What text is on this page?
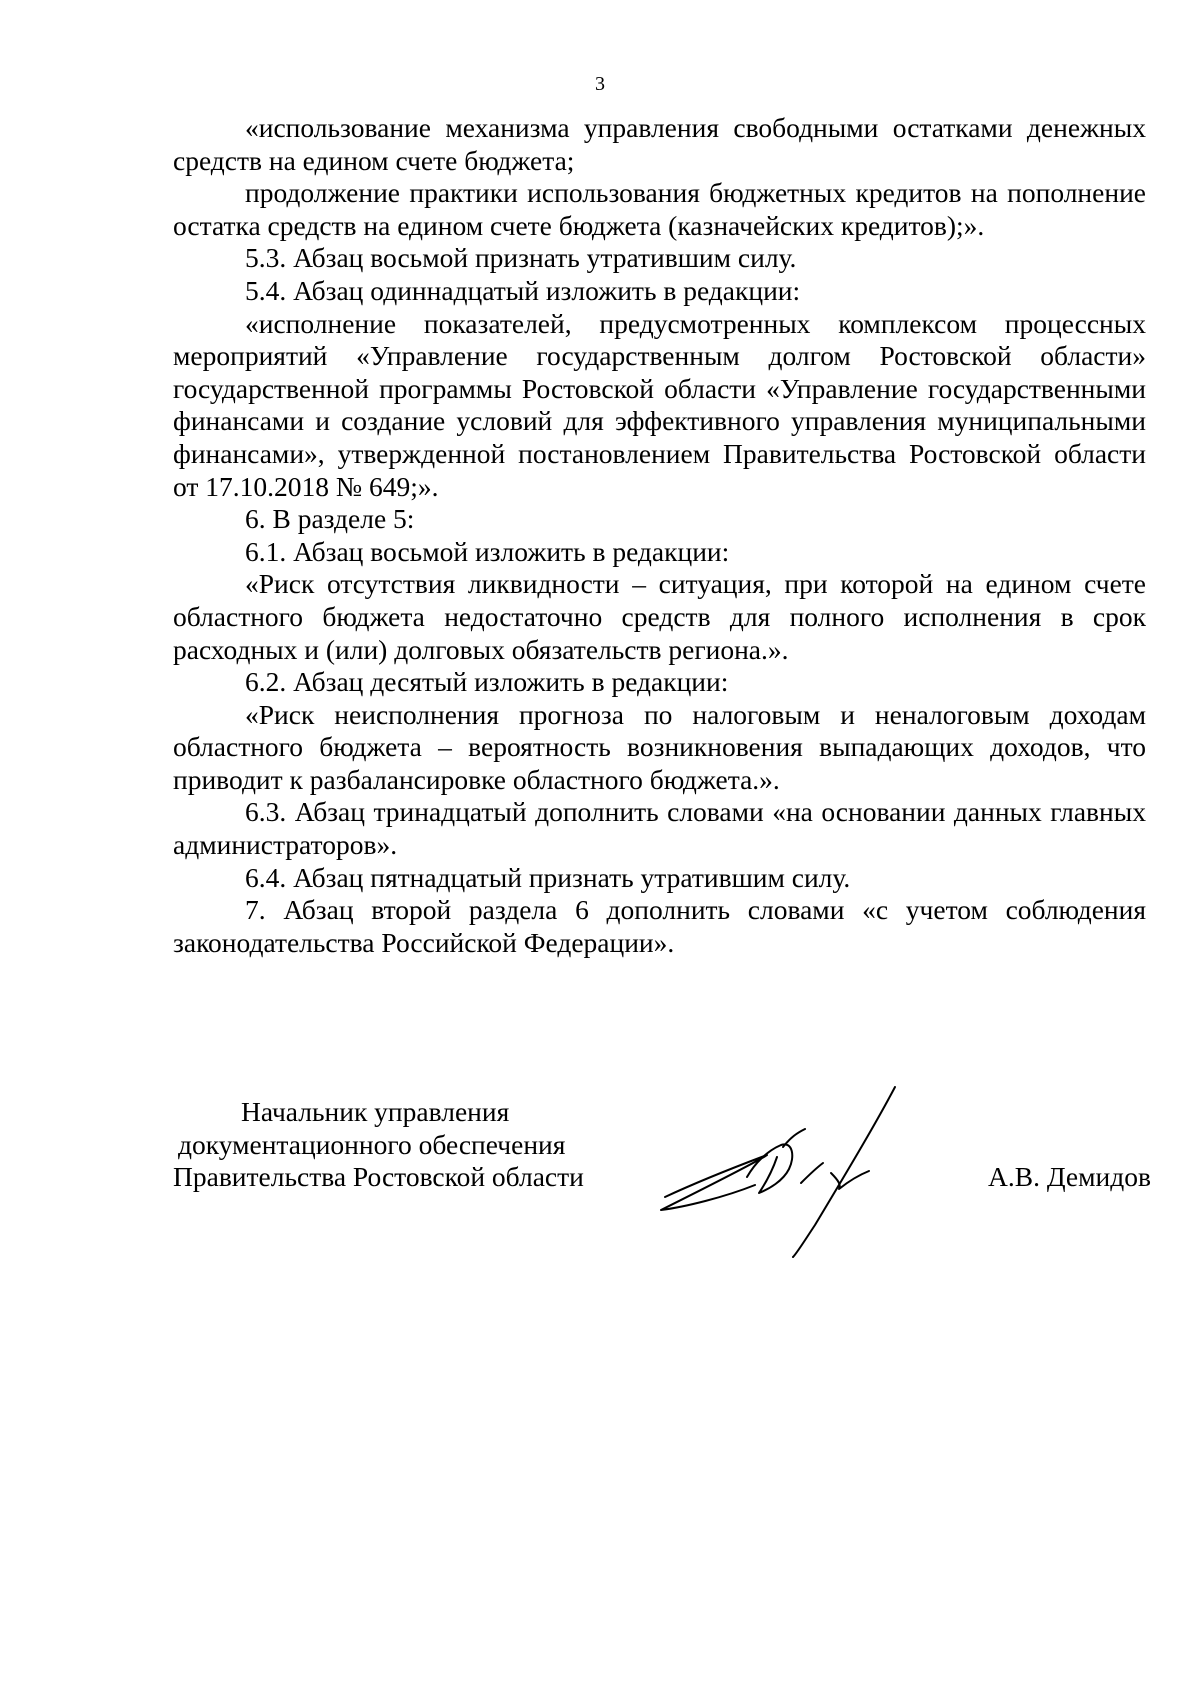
3

«использование механизма управления свободными остатками денежных средств на едином счете бюджета;

продолжение практики использования бюджетных кредитов на пополнение остатка средств на едином счете бюджета (казначейских кредитов);».

5.3. Абзац восьмой признать утратившим силу.

5.4. Абзац одиннадцатый изложить в редакции:

«исполнение показателей, предусмотренных комплексом процессных мероприятий «Управление государственным долгом Ростовской области» государственной программы Ростовской области «Управление государственными финансами и создание условий для эффективного управления муниципальными финансами», утвержденной постановлением Правительства Ростовской области от 17.10.2018 № 649;».

6. В разделе 5:

6.1. Абзац восьмой изложить в редакции:

«Риск отсутствия ликвидности – ситуация, при которой на едином счете областного бюджета недостаточно средств для полного исполнения в срок расходных и (или) долговых обязательств региона.».

6.2. Абзац десятый изложить в редакции:

«Риск неисполнения прогноза по налоговым и неналоговым доходам областного бюджета – вероятность возникновения выпадающих доходов, что приводит к разбалансировке областного бюджета.».

6.3. Абзац тринадцатый дополнить словами «на основании данных главных администраторов».

6.4. Абзац пятнадцатый признать утратившим силу.

7. Абзац второй раздела 6 дополнить словами «с учетом соблюдения законодательства Российской Федерации».

Начальник управления
документационного обеспечения
Правительства Ростовской области	А.В. Демидов
